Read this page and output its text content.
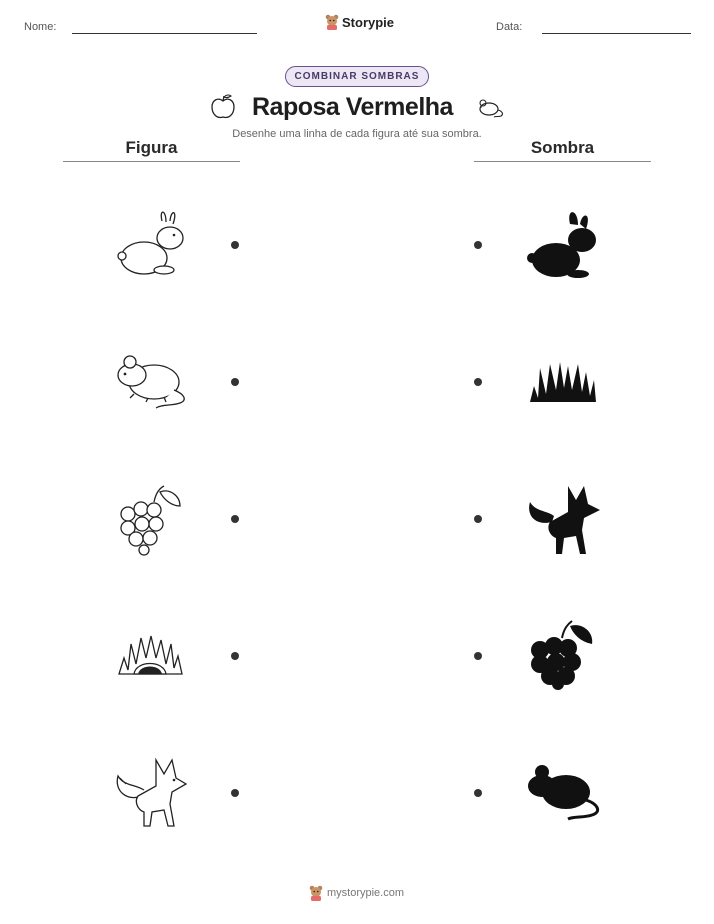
Nome:	Storypie	Data:
COMBINAR SOMBRAS
Raposa Vermelha
Desenhe uma linha de cada figura até sua sombra.
Figura	Sombra
mystorypie.com
